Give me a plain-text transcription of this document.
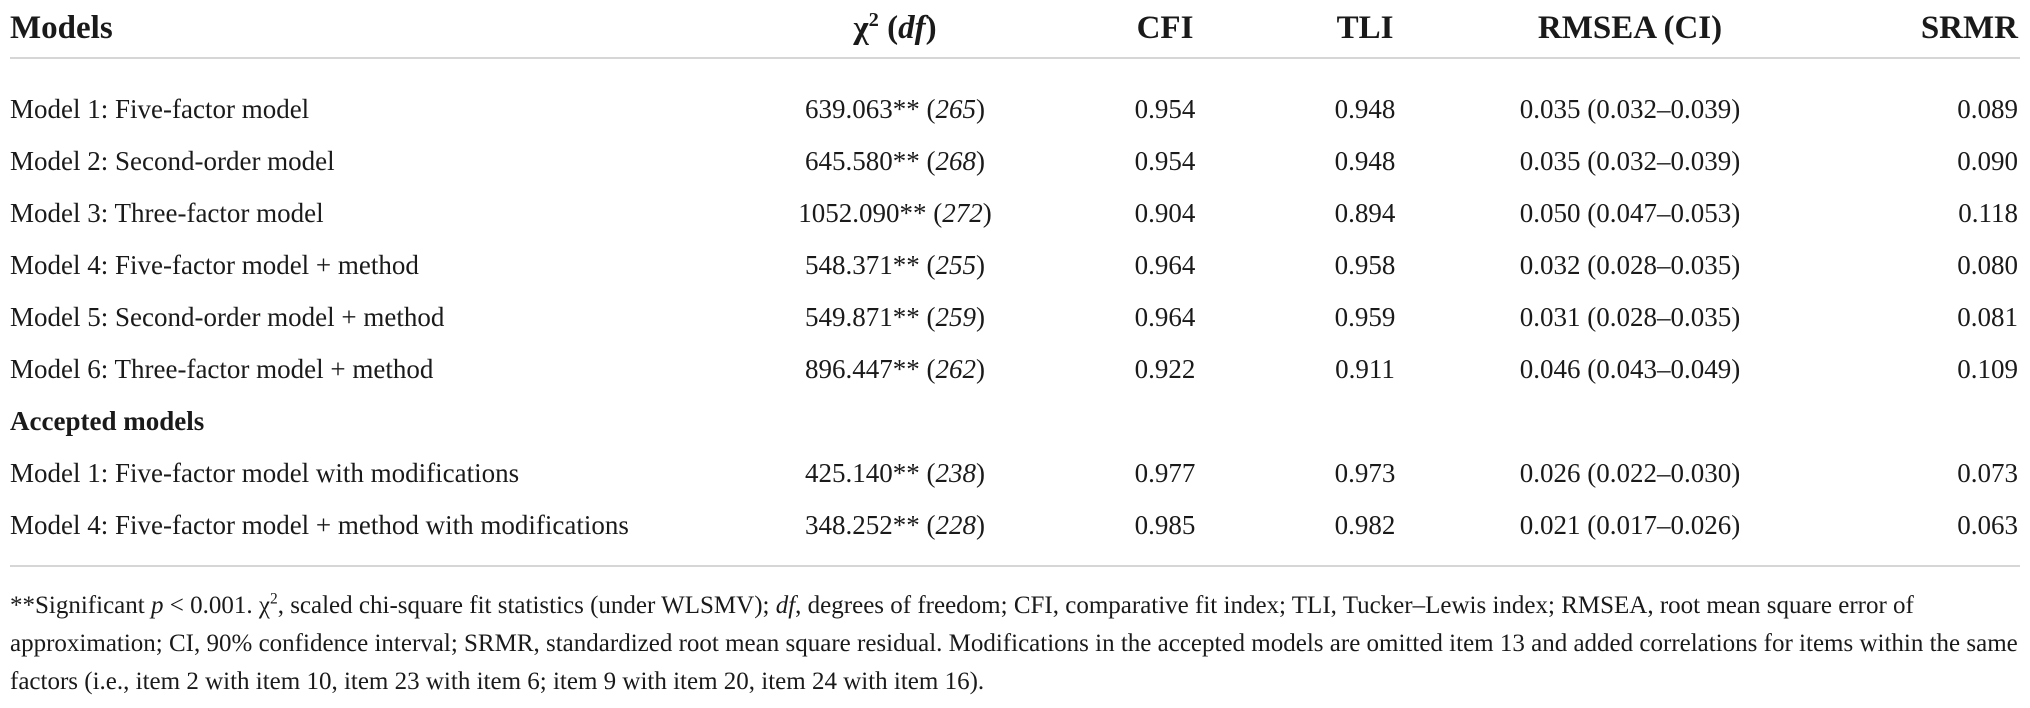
Models	$\chi^2$ (df)	CFI	TLI	RMSEA (CI)	SRMR

Model 1: Five-factor model	639.063** (265)	0.954	0.948	0.035 (0.032–0.039)	0.089
Model 2: Second-order model	645.580** (268)	0.954	0.948	0.035 (0.032–0.039)	0.090
Model 3: Three-factor model	1052.090** (272)	0.904	0.894	0.050 (0.047–0.053)	0.118
Model 4: Five-factor model + method	548.371** (255)	0.964	0.958	0.032 (0.028–0.035)	0.080
Model 5: Second-order model + method	549.871** (259)	0.964	0.959	0.031 (0.028–0.035)	0.081
Model 6: Three-factor model + method	896.447** (262)	0.922	0.911	0.046 (0.043–0.049)	0.109
Accepted models					
Model 1: Five-factor model with modifications	425.140** (238)	0.977	0.973	0.026 (0.022–0.030)	0.073
Model 4: Five-factor model + method with modifications	348.252** (228)	0.985	0.982	0.021 (0.017–0.026)	0.063

**Significant p < 0.001. $\chi^2$, scaled chi-square fit statistics (under WLSMV); df, degrees of freedom; CFI, comparative fit index; TLI, Tucker–Lewis index; RMSEA, root mean square error of approximation; CI, 90% confidence interval; SRMR, standardized root mean square residual. Modifications in the accepted models are omitted item 13 and added correlations for items within the same factors (i.e., item 2 with item 10, item 23 with item 6; item 9 with item 20, item 24 with item 16).
